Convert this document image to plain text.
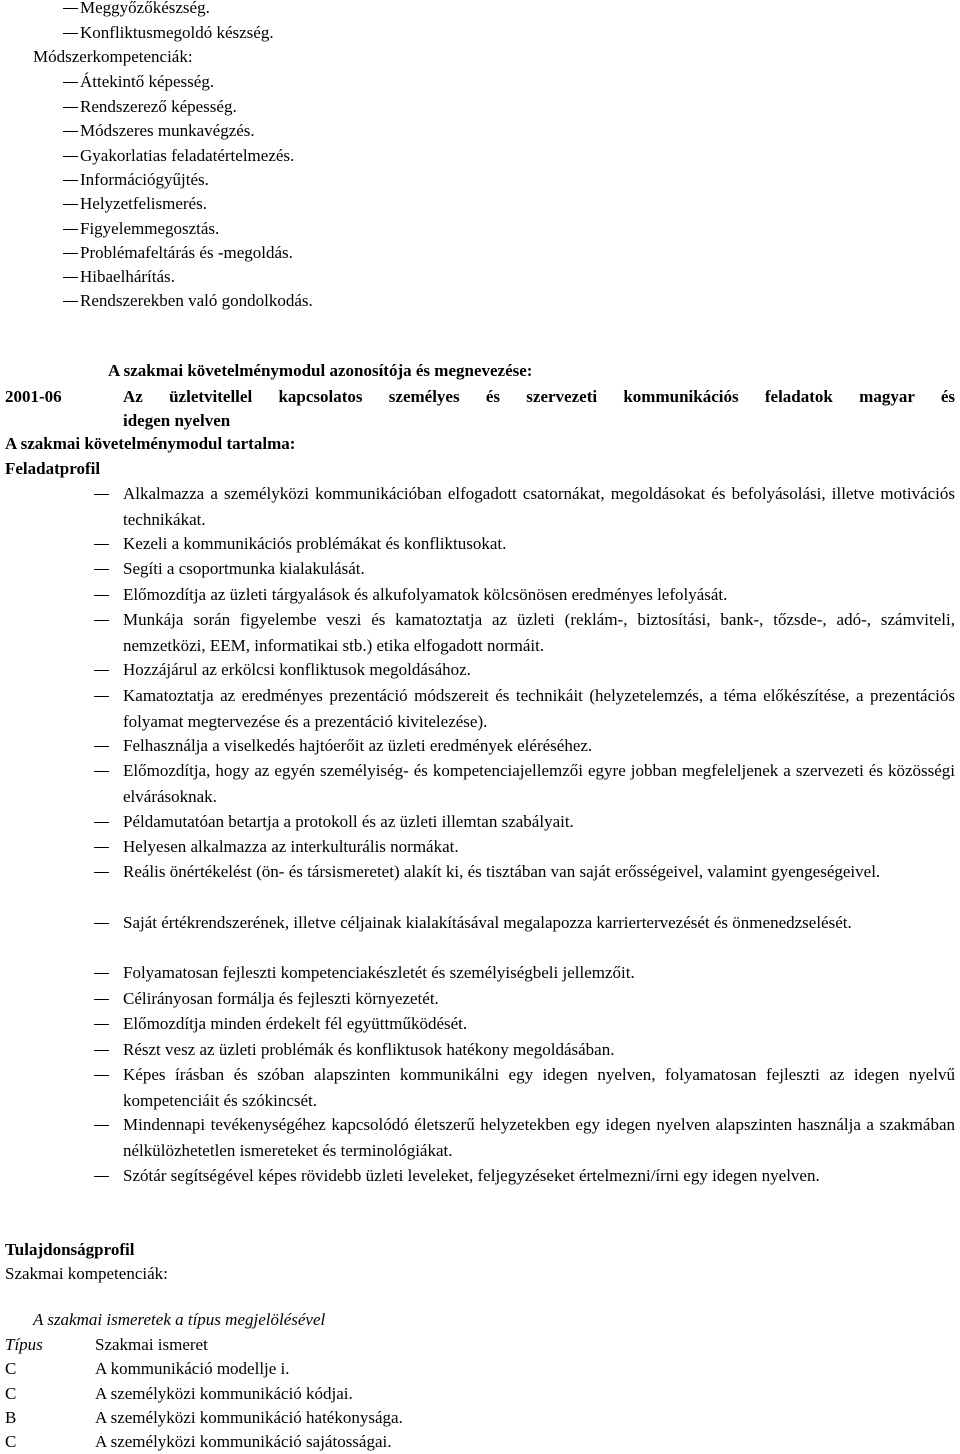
Meggyőzőkészség.
Konfliktusmegoldó készség.
Módszerkompetenciák:
Áttekintő képesség.
Rendszerező képesség.
Módszeres munkavégzés.
Gyakorlatias feladatértelmezés.
Információgyűjtés.
Helyzetfelismerés.
Figyelemmegosztás.
Problémafeltárás és -megoldás.
Hibaelhárítás.
Rendszerekben való gondolkodás.
A szakmai követelménymodul azonosítója és megnevezése:
2001-06	Az üzletvitellel kapcsolatos személyes és szervezeti kommunikációs feladatok magyar és
idegen nyelven
A szakmai követelménymodul tartalma:
Feladatprofil
Alkalmazza a személyközi kommunikációban elfogadott csatornákat, megoldásokat és befolyásolási, illetve motivációs technikákat.
Kezeli a kommunikációs problémákat és konfliktusokat.
Segíti a csoportmunka kialakulását.
Előmozdítja az üzleti tárgyalások és alkufolyamatok kölcsönösen eredményes lefolyását.
Munkája során figyelembe veszi és kamatoztatja az üzleti (reklám-, biztosítási, bank-, tőzsde-, adó-, számviteli, nemzetközi, EEM, informatikai stb.) etika elfogadott normáit.
Hozzájárul az erkölcsi konfliktusok megoldásához.
Kamatoztatja az eredményes prezentáció módszereit és technikáit (helyzetelemzés, a téma előkészítése, a prezentációs folyamat megtervezése és a prezentáció kivitelezése).
Felhasználja a viselkedés hajtóerőit az üzleti eredmények eléréséhez.
Előmozdítja, hogy az egyén személyiség- és kompetenciajellemzői egyre jobban megfeleljenek a szervezeti és közösségi elvárásoknak.
Példamutatóan betartja a protokoll és az üzleti illemtan szabályait.
Helyesen alkalmazza az interkulturális normákat.
Reális önértékelést (ön- és társismeretet) alakít ki, és tisztában van saját erősségeivel, valamint gyengeségeivel.
Saját értékrendszerének, illetve céljainak kialakításával megalapozza karriertervezését és önmenedzselését.
Folyamatosan fejleszti kompetenciakészletét és személyiségbeli jellemzőit.
Célirányosan formálja és fejleszti környezetét.
Előmozdítja minden érdekelt fél együttműködését.
Részt vesz az üzleti problémák és konfliktusok hatékony megoldásában.
Képes írásban és szóban alapszinten kommunikálni egy idegen nyelven, folyamatosan fejleszti az idegen nyelvű kompetenciáit és szókincsét.
Mindennapi tevékenységéhez kapcsolódó életszerű helyzetekben egy idegen nyelven alapszinten használja a szakmában nélkülözhetetlen ismereteket és terminológiákat.
Szótár segítségével képes rövidebb üzleti leveleket, feljegyzéseket értelmezni/írni egy idegen nyelven.
Tulajdonságprofil
Szakmai kompetenciák:
A szakmai ismeretek a típus megjelölésével
Típus	Szakmai ismeret
C	A kommunikáció modellje i.
C	A személyközi kommunikáció kódjai.
B	A személyközi kommunikáció hatékonysága.
C	A személyközi kommunikáció sajátosságai.
